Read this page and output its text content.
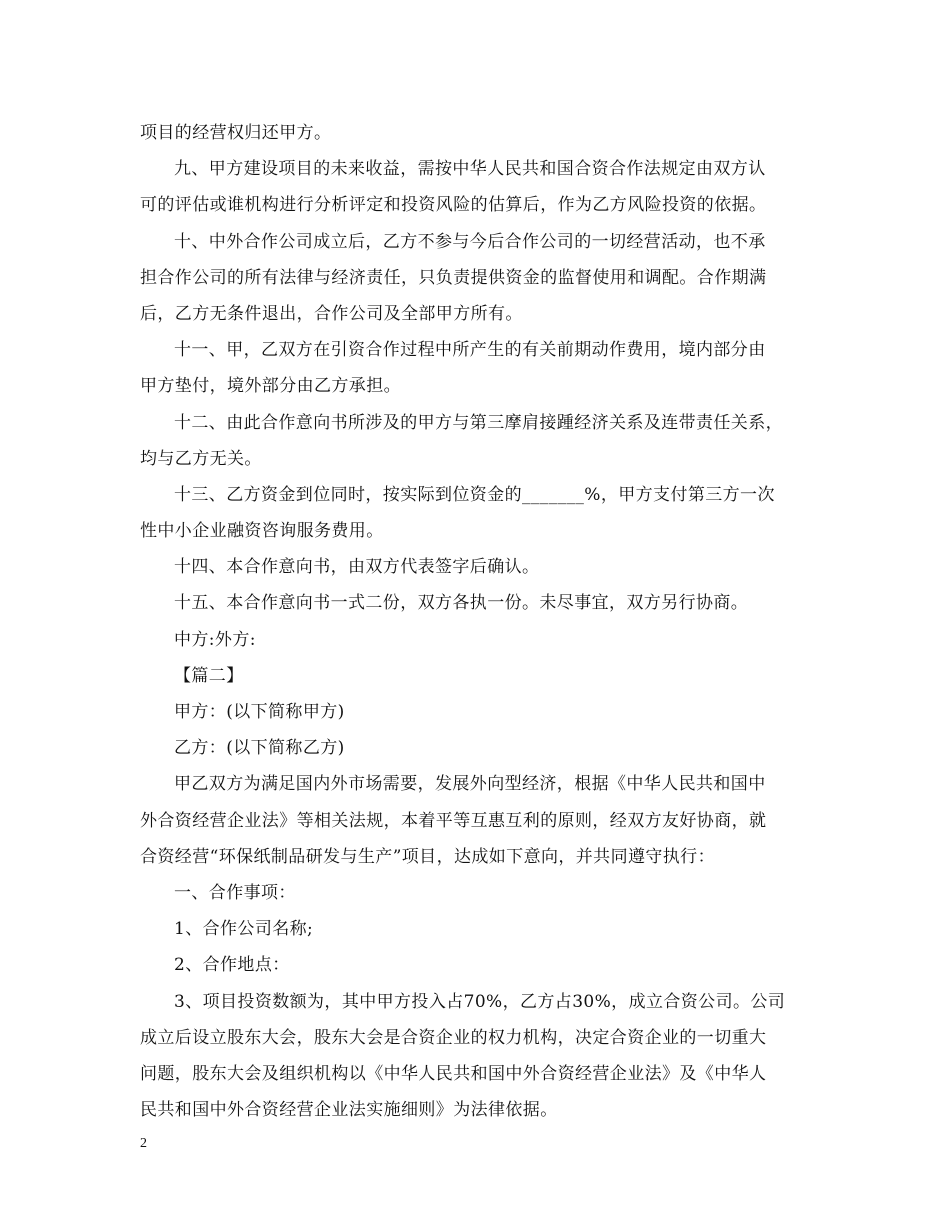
项目的经营权归还甲方。
九、甲方建设项目的未来收益，需按中华人民共和国合资合作法规定由双方认
可的评估或谁机构进行分析评定和投资风险的估算后，作为乙方风险投资的依据。
十、中外合作公司成立后，乙方不参与今后合作公司的一切经营活动，也不承
担合作公司的所有法律与经济责任，只负责提供资金的监督使用和调配。合作期满
后，乙方无条件退出，合作公司及全部甲方所有。
十一、甲，乙双方在引资合作过程中所产生的有关前期动作费用，境内部分由
甲方垫付，境外部分由乙方承担。
十二、由此合作意向书所涉及的甲方与第三摩肩接踵经济关系及连带责任关系，
均与乙方无关。
十三、乙方资金到位同时，按实际到位资金的_______%，甲方支付第三方一次
性中小企业融资咨询服务费用。
十四、本合作意向书，由双方代表签字后确认。
十五、本合作意向书一式二份，双方各执一份。未尽事宜，双方另行协商。
中方:外方:
【篇二】
甲方：(以下简称甲方)
乙方：(以下简称乙方)
甲乙双方为满足国内外市场需要，发展外向型经济，根据《中华人民共和国中
外合资经营企业法》等相关法规，本着平等互惠互利的原则，经双方友好协商，就
合资经营“环保纸制品研发与生产”项目，达成如下意向，并共同遵守执行：
一、合作事项：
1、合作公司名称;
2、合作地点：
3、项目投资数额为，其中甲方投入占70%，乙方占30%，成立合资公司。公司
成立后设立股东大会，股东大会是合资企业的权力机构，决定合资企业的一切重大
问题，股东大会及组织机构以《中华人民共和国中外合资经营企业法》及《中华人
民共和国中外合资经营企业法实施细则》为法律依据。
2
